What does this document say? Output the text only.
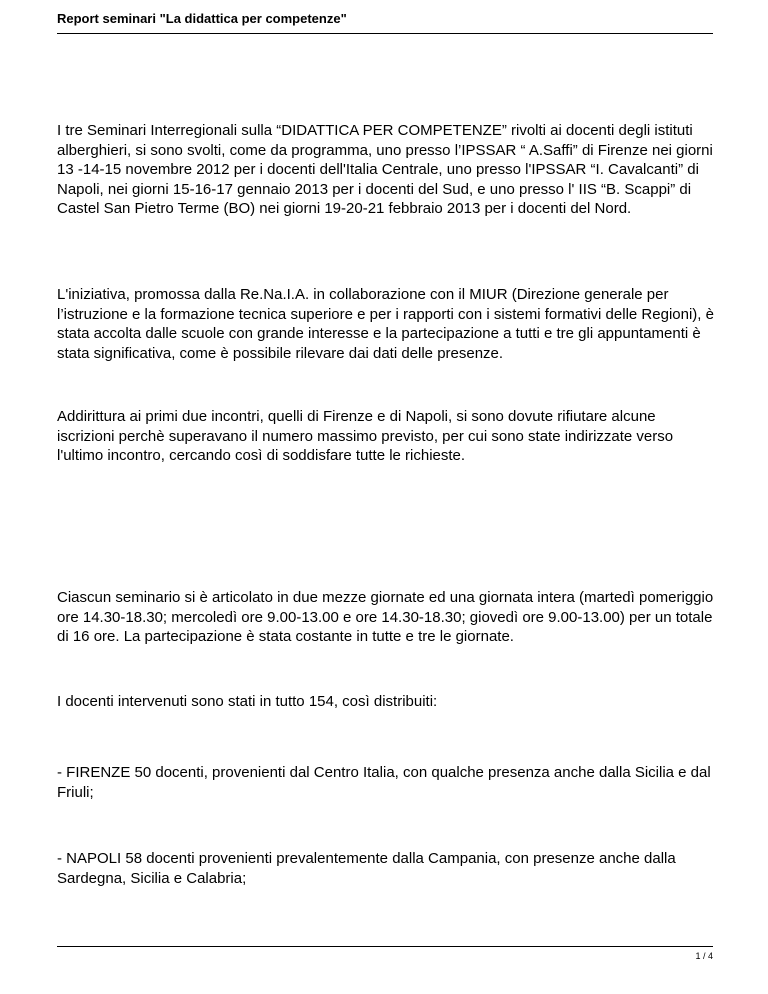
Report seminari "La didattica per competenze"

I tre Seminari Interregionali sulla “DIDATTICA PER COMPETENZE” rivolti ai docenti degli istituti alberghieri, si sono svolti, come da programma, uno presso l’IPSSAR “ A.Saffi” di Firenze nei giorni 13 -14-15 novembre 2012 per i docenti dell'Italia Centrale, uno presso l'IPSSAR “I. Cavalcanti” di Napoli, nei giorni 15-16-17 gennaio 2013 per i docenti del Sud, e uno presso l' IIS “B. Scappi” di Castel San Pietro Terme (BO) nei giorni 19-20-21 febbraio 2013 per i docenti del Nord.

L'iniziativa, promossa dalla Re.Na.I.A. in collaborazione con il MIUR (Direzione generale per l’istruzione e la formazione tecnica superiore e per i rapporti con i sistemi formativi delle Regioni), è stata accolta dalle scuole con grande interesse e la partecipazione a tutti e tre gli appuntamenti è stata significativa, come è possibile rilevare dai dati delle presenze.

Addirittura ai primi due incontri, quelli di Firenze e di Napoli, si sono dovute rifiutare alcune iscrizioni perchè superavano il numero massimo previsto, per cui sono state indirizzate verso l'ultimo incontro, cercando così di soddisfare tutte le richieste.

Ciascun seminario si è articolato in due mezze giornate ed una giornata intera (martedì pomeriggio ore 14.30-18.30; mercoledì ore 9.00-13.00 e ore 14.30-18.30; giovedì ore 9.00-13.00) per un totale di 16 ore. La partecipazione è stata costante in tutte e tre le giornate.

I docenti intervenuti sono stati in tutto 154, così distribuiti:

- FIRENZE 50 docenti, provenienti dal Centro Italia, con qualche presenza anche dalla Sicilia e dal Friuli;

- NAPOLI 58 docenti provenienti prevalentemente dalla Campania, con presenze anche dalla Sardegna, Sicilia e Calabria;

1 / 4
